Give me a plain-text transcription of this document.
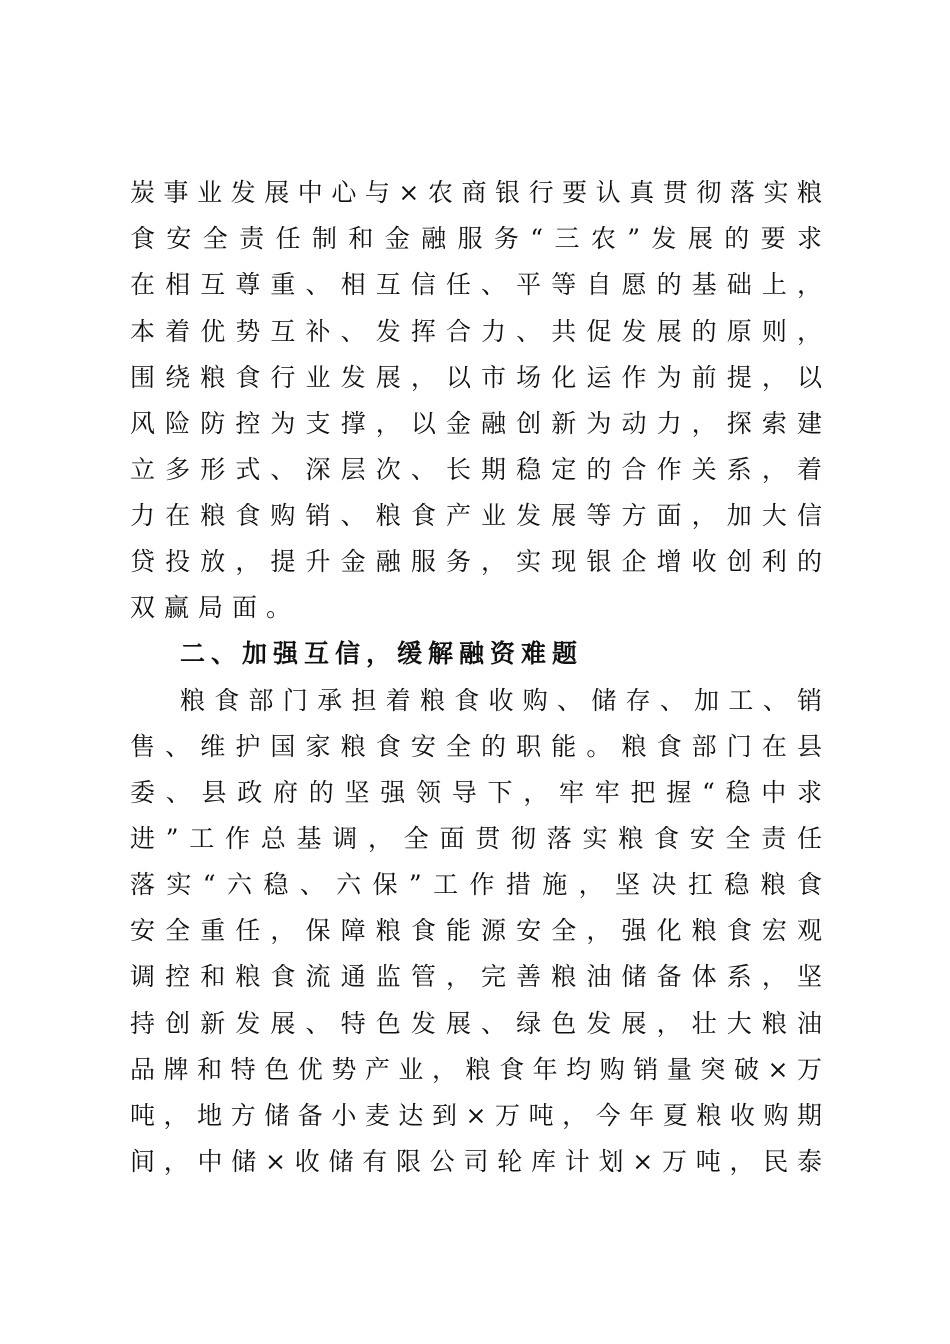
炭事业发展中心与×农商银行要认真贯彻落实粮
食安全责任制和金融服务“三农”发展的要求
在相互尊重、相互信任、平等自愿的基础上，
本着优势互补、发挥合力、共促发展的原则，
围绕粮食行业发展，以市场化运作为前提，以
风险防控为支撑，以金融创新为动力，探索建
立多形式、深层次、长期稳定的合作关系，着
力在粮食购销、粮食产业发展等方面，加大信
贷投放，提升金融服务，实现银企增收创利的
双赢局面。
二、加强互信，缓解融资难题
粮食部门承担着粮食收购、储存、加工、销
售、维护国家粮食安全的职能。粮食部门在县
委、县政府的坚强领导下，牢牢把握“稳中求
进”工作总基调，全面贯彻落实粮食安全责任
落实“六稳、六保”工作措施，坚决扛稳粮食
安全重任，保障粮食能源安全，强化粮食宏观
调控和粮食流通监管，完善粮油储备体系，坚
持创新发展、特色发展、绿色发展，壮大粮油
品牌和特色优势产业，粮食年均购销量突破×万
吨，地方储备小麦达到×万吨，今年夏粮收购期
间，中储×收储有限公司轮库计划×万吨，民泰
